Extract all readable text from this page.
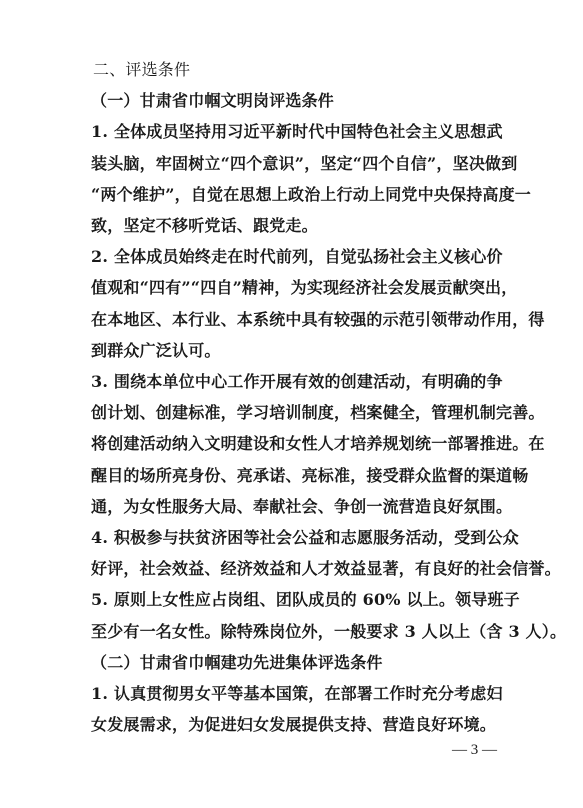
二、评选条件
（一）甘肃省巾帼文明岗评选条件
1. 全体成员坚持用习近平新时代中国特色社会主义思想武
装头脑，牢固树立“四个意识”，坚定“四个自信”，坚决做到
“两个维护”，自觉在思想上政治上行动上同党中央保持高度一
致，坚定不移听党话、跟党走。
2. 全体成员始终走在时代前列，自觉弘扬社会主义核心价
值观和“四有”“四自”精神，为实现经济社会发展贡献突出，
在本地区、本行业、本系统中具有较强的示范引领带动作用，得
到群众广泛认可。
3. 围绕本单位中心工作开展有效的创建活动，有明确的争
创计划、创建标准，学习培训制度，档案健全，管理机制完善。
将创建活动纳入文明建设和女性人才培养规划统一部署推进。在
醒目的场所亮身份、亮承诺、亮标准，接受群众监督的渠道畅
通，为女性服务大局、奉献社会、争创一流营造良好氛围。
4. 积极参与扶贫济困等社会公益和志愿服务活动，受到公众
好评，社会效益、经济效益和人才效益显著，有良好的社会信誉。
5. 原则上女性应占岗组、团队成员的 60% 以上。领导班子
至少有一名女性。除特殊岗位外，一般要求 3 人以上（含 3 人）。
（二）甘肃省巾帼建功先进集体评选条件
1. 认真贯彻男女平等基本国策，在部署工作时充分考虑妇
女发展需求，为促进妇女发展提供支持、营造良好环境。
— 3 —
